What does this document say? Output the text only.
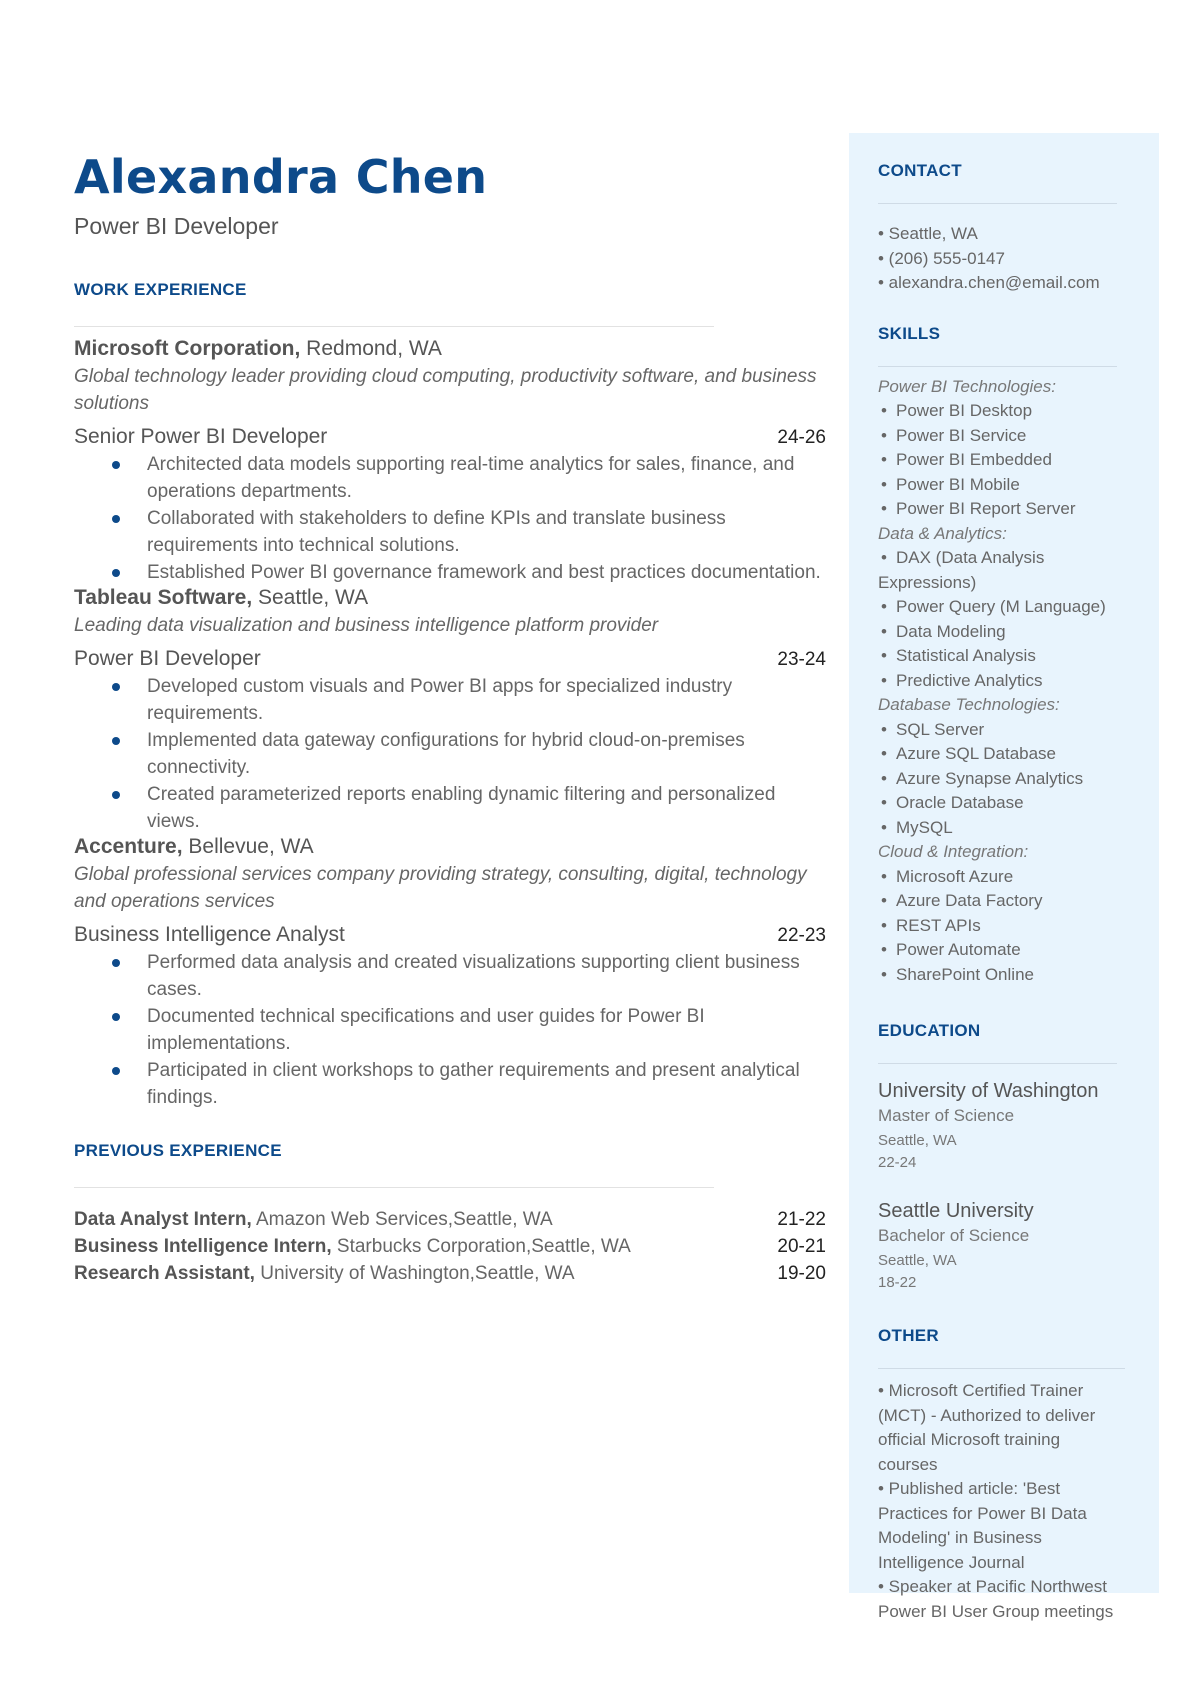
Alexandra Chen
Power BI Developer
WORK EXPERIENCE
Microsoft Corporation, Redmond, WA
Global technology leader providing cloud computing, productivity software, and business solutions
Senior Power BI Developer	24-26
Architected data models supporting real-time analytics for sales, finance, and operations departments.
Collaborated with stakeholders to define KPIs and translate business requirements into technical solutions.
Established Power BI governance framework and best practices documentation.
Tableau Software, Seattle, WA
Leading data visualization and business intelligence platform provider
Power BI Developer	23-24
Developed custom visuals and Power BI apps for specialized industry requirements.
Implemented data gateway configurations for hybrid cloud-on-premises connectivity.
Created parameterized reports enabling dynamic filtering and personalized views.
Accenture, Bellevue, WA
Global professional services company providing strategy, consulting, digital, technology and operations services
Business Intelligence Analyst	22-23
Performed data analysis and created visualizations supporting client business cases.
Documented technical specifications and user guides for Power BI implementations.
Participated in client workshops to gather requirements and present analytical findings.
PREVIOUS EXPERIENCE
Data Analyst Intern, Amazon Web Services,Seattle, WA	21-22
Business Intelligence Intern, Starbucks Corporation,Seattle, WA	20-21
Research Assistant, University of Washington,Seattle, WA	19-20
CONTACT
• Seattle, WA
• (206) 555-0147
• alexandra.chen@email.com
SKILLS
Power BI Technologies:
• Power BI Desktop
• Power BI Service
• Power BI Embedded
• Power BI Mobile
• Power BI Report Server
Data & Analytics:
• DAX (Data Analysis
Expressions)
• Power Query (M Language)
• Data Modeling
• Statistical Analysis
• Predictive Analytics
Database Technologies:
• SQL Server
• Azure SQL Database
• Azure Synapse Analytics
• Oracle Database
• MySQL
Cloud & Integration:
• Microsoft Azure
• Azure Data Factory
• REST APIs
• Power Automate
• SharePoint Online
EDUCATION
University of Washington
Master of Science
Seattle, WA
22-24
Seattle University
Bachelor of Science
Seattle, WA
18-22
OTHER
• Microsoft Certified Trainer
(MCT) - Authorized to deliver
official Microsoft training
courses
• Published article: 'Best
Practices for Power BI Data
Modeling' in Business
Intelligence Journal
• Speaker at Pacific Northwest
Power BI User Group meetings
